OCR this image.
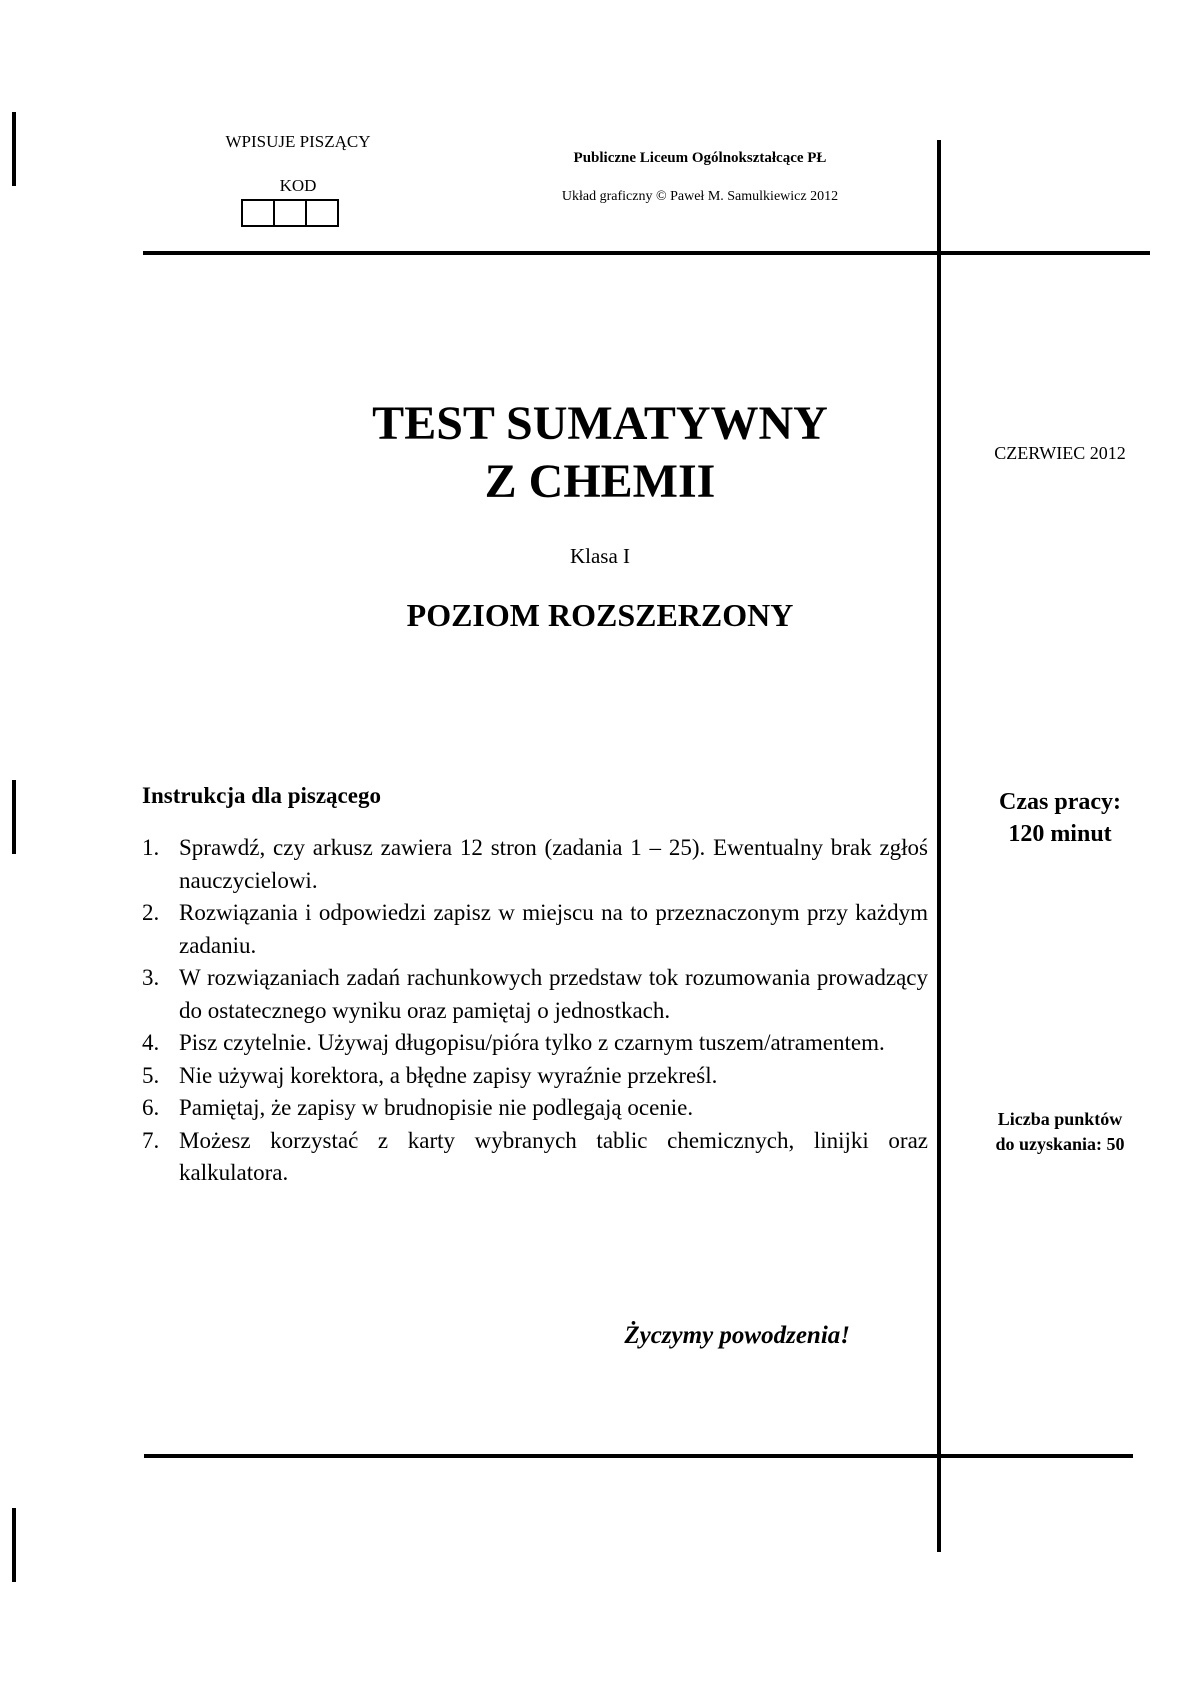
WPISUJE PISZĄCY
KOD
Publiczne Liceum Ogólnokształcące PŁ
Układ graficzny © Paweł M. Samulkiewicz 2012
TEST SUMATYWNY
Z CHEMII
Klasa I
POZIOM ROZSZERZONY
CZERWIEC 2012
Czas pracy:
120 minut
Liczba punktów
do uzyskania: 50
Instrukcja dla piszącego
1. Sprawdź, czy arkusz zawiera 12 stron (zadania 1 – 25). Ewentualny brak zgłoś nauczycielowi.
2. Rozwiązania i odpowiedzi zapisz w miejscu na to przeznaczonym przy każdym zadaniu.
3. W rozwiązaniach zadań rachunkowych przedstaw tok rozumowania prowadzący do ostatecznego wyniku oraz pamiętaj o jednostkach.
4. Pisz czytelnie. Używaj długopisu/pióra tylko z czarnym tuszem/atramentem.
5. Nie używaj korektora, a błędne zapisy wyraźnie przekreśl.
6. Pamiętaj, że zapisy w brudnopisie nie podlegają ocenie.
7. Możesz korzystać z karty wybranych tablic chemicznych, linijki oraz kalkulatora.
Życzymy powodzenia!
